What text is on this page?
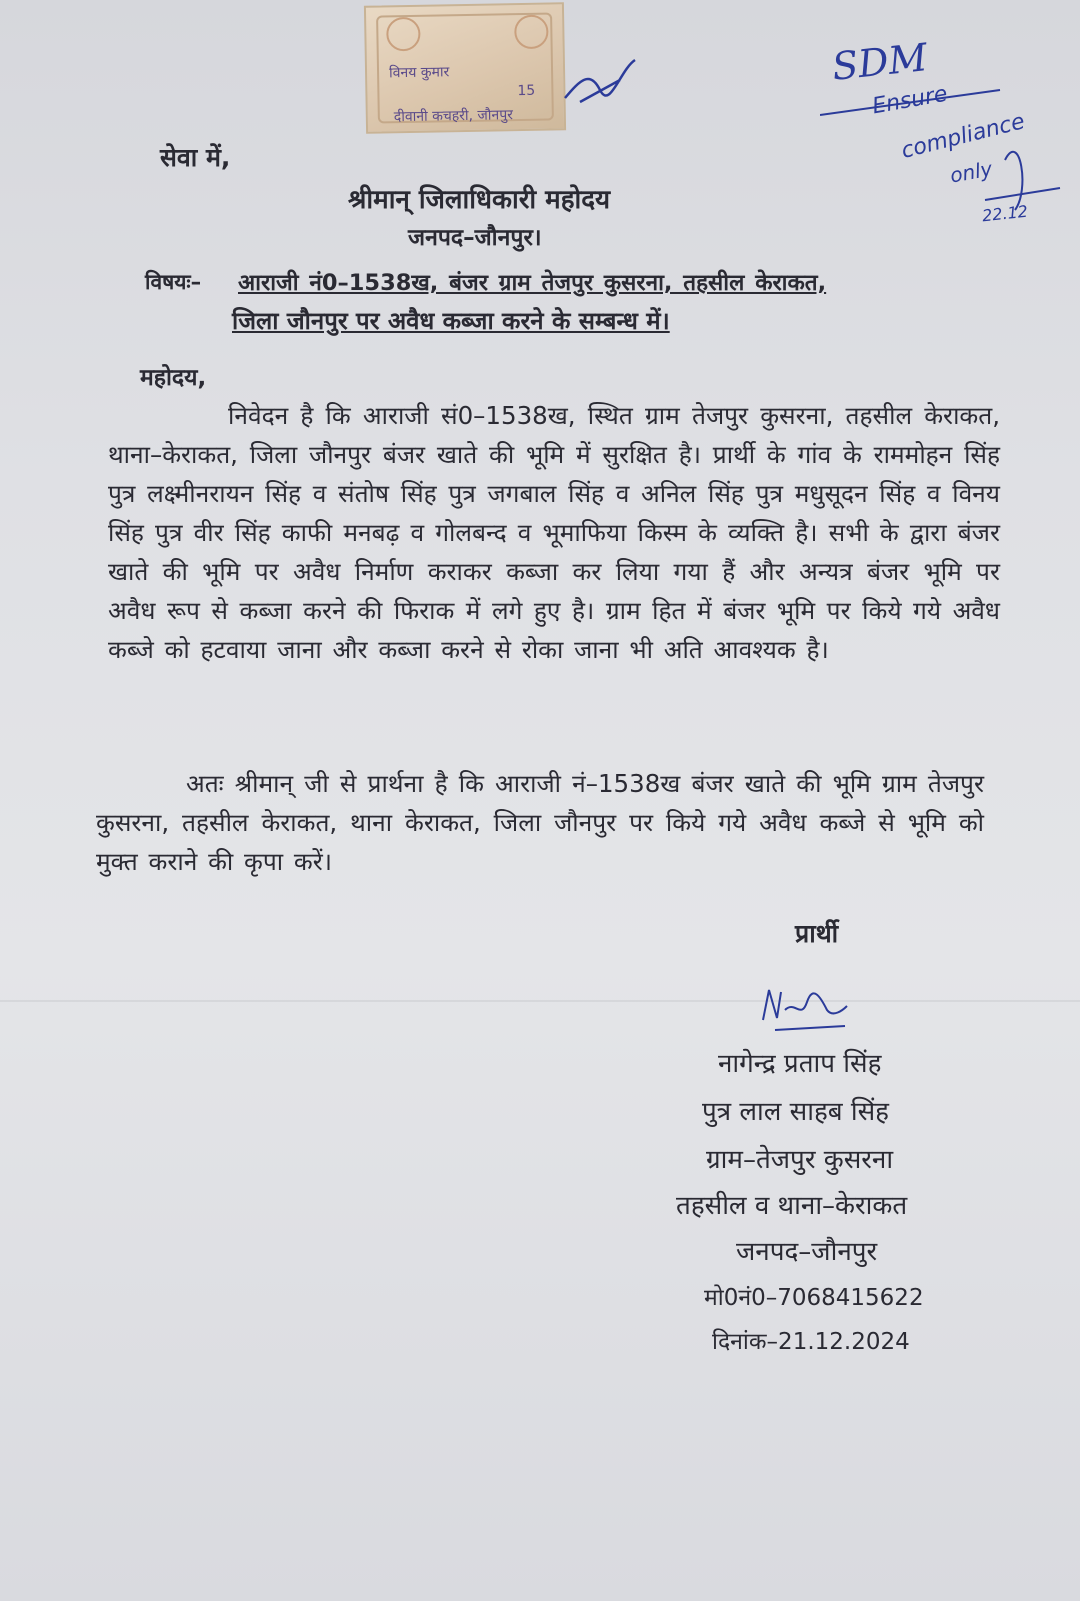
विनय कुमार
15
दीवानी कचहरी, जौनपुर
SDM
Ensure
compliance
only
22.12
सेवा में,
श्रीमान् जिलाधिकारी महोदय
जनपद–जौनपुर।
विषयः– आराजी नं0–1538ख, बंजर ग्राम तेजपुर कुसरना, तहसील केराकत,
जिला जौनपुर पर अवैध कब्जा करने के सम्बन्ध में।
महोदय,
निवेदन है कि आराजी सं0–1538ख, स्थित ग्राम तेजपुर कुसरना, तहसील केराकत, थाना–केराकत, जिला जौनपुर बंजर खाते की भूमि में सुरक्षित है। प्रार्थी के गांव के राममोहन सिंह पुत्र लक्ष्मीनरायन सिंह व संतोष सिंह पुत्र जगबाल सिंह व अनिल सिंह पुत्र मधुसूदन सिंह व विनय सिंह पुत्र वीर सिंह काफी मनबढ़ व गोलबन्द व भूमाफिया किस्म के व्यक्ति है। सभी के द्वारा बंजर खाते की भूमि पर अवैध निर्माण कराकर कब्जा कर लिया गया हैं और अन्यत्र बंजर भूमि पर अवैध रूप से कब्जा करने की फिराक में लगे हुए है। ग्राम हित में बंजर भूमि पर किये गये अवैध कब्जे को हटवाया जाना और कब्जा करने से रोका जाना भी अति आवश्यक है।
अतः श्रीमान् जी से प्रार्थना है कि आराजी नं–1538ख बंजर खाते की भूमि ग्राम तेजपुर कुसरना, तहसील केराकत, थाना केराकत, जिला जौनपुर पर किये गये अवैध कब्जे से भूमि को मुक्त कराने की कृपा करें।
प्रार्थी
नागेन्द्र प्रताप सिंह
पुत्र लाल साहब सिंह
ग्राम–तेजपुर कुसरना
तहसील व थाना–केराकत
जनपद–जौनपुर
मो0नं0–7068415622
दिनांक–21.12.2024
